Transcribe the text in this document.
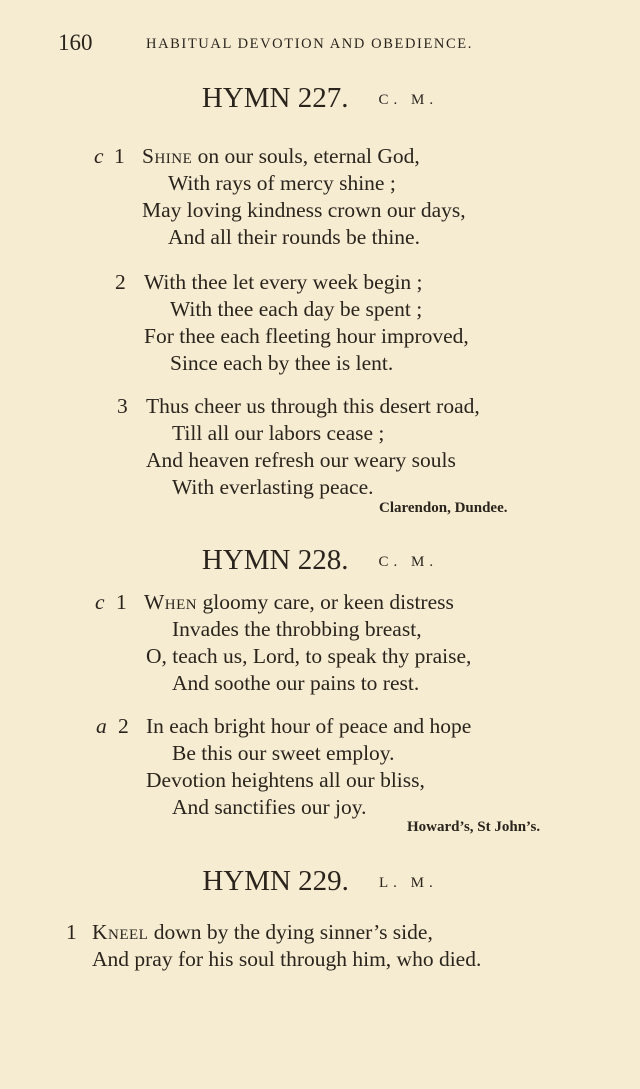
160	HABITUAL DEVOTION AND OBEDIENCE.
HYMN 227. C. M.
c 1 Shine on our souls, eternal God,
With rays of mercy shine ;
May loving kindness crown our days,
And all their rounds be thine.
2 With thee let every week begin ;
With thee each day be spent ;
For thee each fleeting hour improved,
Since each by thee is lent.
3 Thus cheer us through this desert road,
Till all our labors cease ;
And heaven refresh our weary souls
With everlasting peace.
Clarendon, Dundee.
HYMN 228. C. M.
c 1 When gloomy care, or keen distress
Invades the throbbing breast,
O, teach us, Lord, to speak thy praise,
And soothe our pains to rest.
a 2 In each bright hour of peace and hope
Be this our sweet employ.
Devotion heightens all our bliss,
And sanctifies our joy.
Howard’s, St John’s.
HYMN 229. L. M.
1 Kneel down by the dying sinner’s side,
And pray for his soul through him, who died.
